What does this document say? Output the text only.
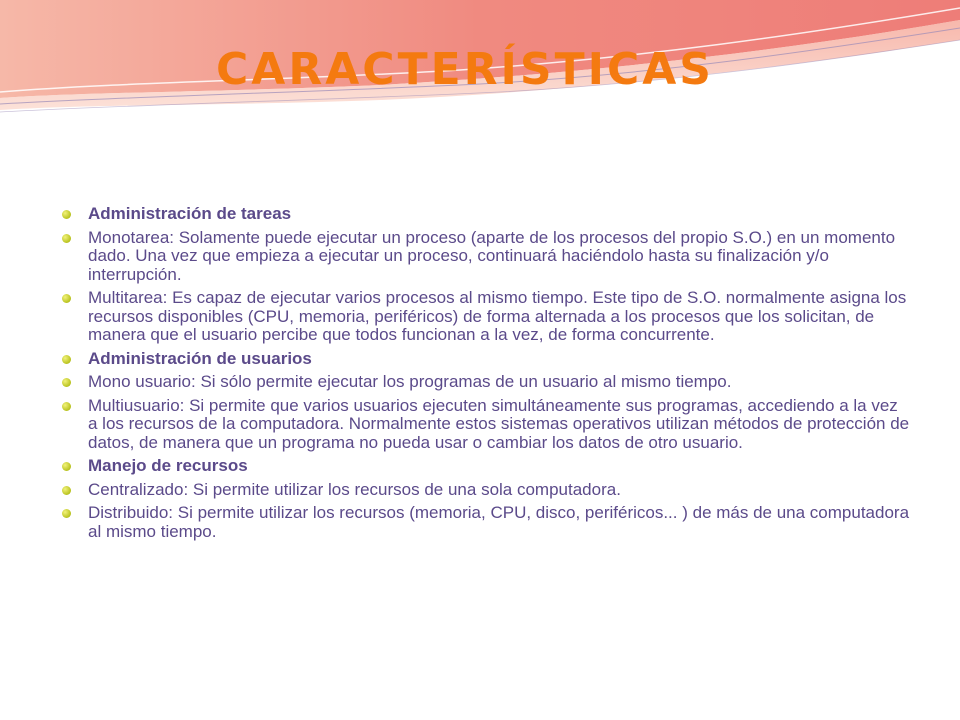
CARACTERÍSTICAS
Administración de tareas
Monotarea: Solamente puede ejecutar un proceso (aparte de los procesos del propio S.O.) en un momento dado. Una vez que empieza a ejecutar un proceso, continuará haciéndolo hasta su finalización y/o interrupción.
Multitarea: Es capaz de ejecutar varios procesos al mismo tiempo. Este tipo de S.O. normalmente asigna los recursos disponibles (CPU, memoria, periféricos) de forma alternada a los procesos que los solicitan, de manera que el usuario percibe que todos funcionan a la vez, de forma concurrente.
Administración de usuarios
Mono usuario: Si sólo permite ejecutar los programas de un usuario al mismo tiempo.
Multiusuario: Si permite que varios usuarios ejecuten simultáneamente sus programas, accediendo a la vez a los recursos de la computadora. Normalmente estos sistemas operativos utilizan métodos de protección de datos, de manera que un programa no pueda usar o cambiar los datos de otro usuario.
Manejo de recursos
Centralizado: Si permite utilizar los recursos de una sola computadora.
Distribuido: Si permite utilizar los recursos (memoria, CPU, disco, periféricos... ) de más de una computadora al mismo tiempo.
